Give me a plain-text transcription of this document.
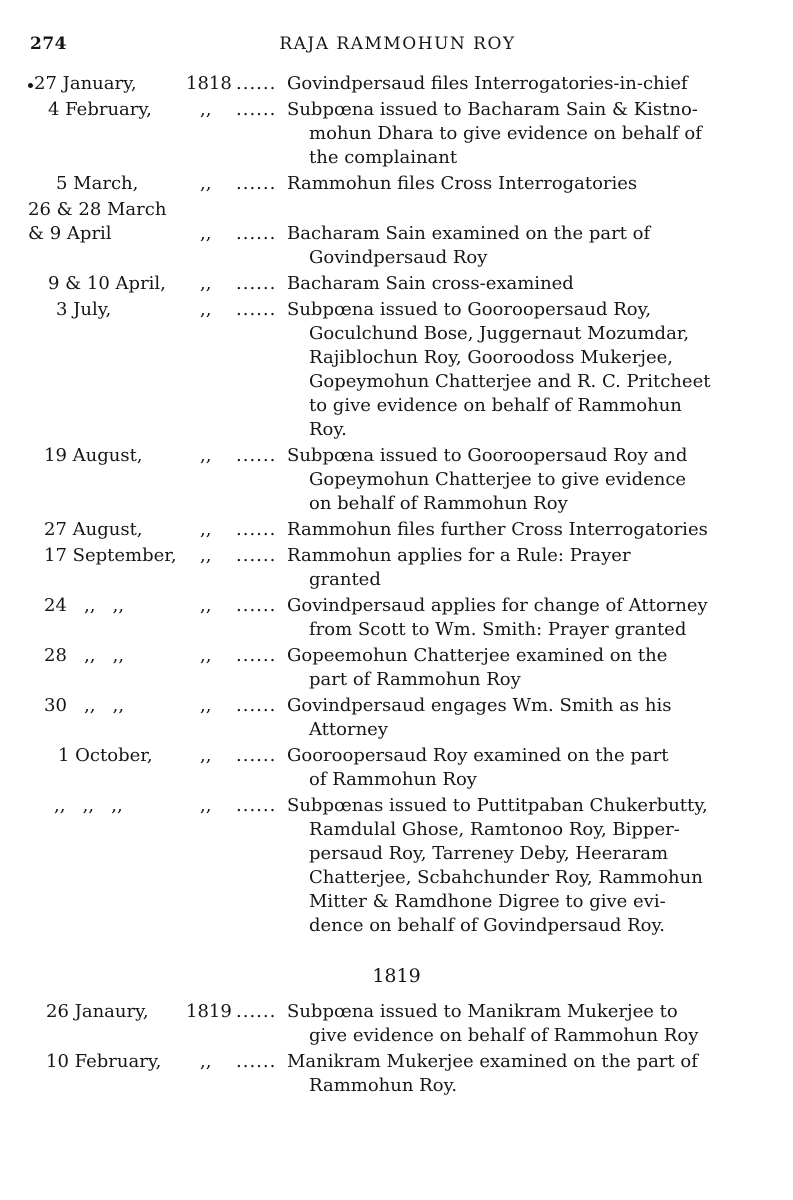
274	RAJA RAMMOHUN ROY
27 January,	1818 ...... Govindpersaud files Interrogatories-in-chief
4 February,	,,	...... Subpœna issued to Bacharam Sain & Kistno-
mohun Dhara to give evidence on behalf of
the complainant
5 March,	,,	...... Rammohun files Cross Interrogatories
26 & 28 March
& 9 April	,,	...... Bacharam Sain examined on the part of
Govindpersaud Roy
9 & 10 April,	,,	...... Bacharam Sain cross-examined
3 July,	,,	...... Subpœna issued to Gooroopersaud Roy,
Goculchund Bose, Juggernaut Mozumdar,
Rajiblochun Roy, Gooroodoss Mukerjee,
Gopeymohun Chatterjee and R. C. Pritcheet
to give evidence on behalf of Rammohun
Roy.
19 August,	,,	...... Subpœna issued to Gooroopersaud Roy and
Gopeymohun Chatterjee to give evidence
on behalf of Rammohun Roy
27 August,	,,	...... Rammohun files further Cross Interrogatories
17 September,	,,	...... Rammohun applies for a Rule: Prayer
granted
24   ,,   ,,	,,	...... Govindpersaud applies for change of Attorney
from Scott to Wm. Smith: Prayer granted
28   ,,   ,,	,,	...... Gopeemohun Chatterjee examined on the
part of Rammohun Roy
30   ,,   ,,	,,	...... Govindpersaud engages Wm. Smith as his
Attorney
1 October,	,,	...... Gooroopersaud Roy examined on the part
of Rammohun Roy
,,   ,,   ,,	,,	...... Subpœnas issued to Puttitpaban Chukerbutty,
Ramdulal Ghose, Ramtonoo Roy, Bipper-
persaud Roy, Tarreney Deby, Heeraram
Chatterjee, Scbahchunder Roy, Rammohun
Mitter & Ramdhone Digree to give evi-
dence on behalf of Govindpersaud Roy.
1819
26 Janaury,	1819 ...... Subpœna issued to Manikram Mukerjee to
give evidence on behalf of Rammohun Roy
10 February,	,,	...... Manikram Mukerjee examined on the part of
Rammohun Roy.
